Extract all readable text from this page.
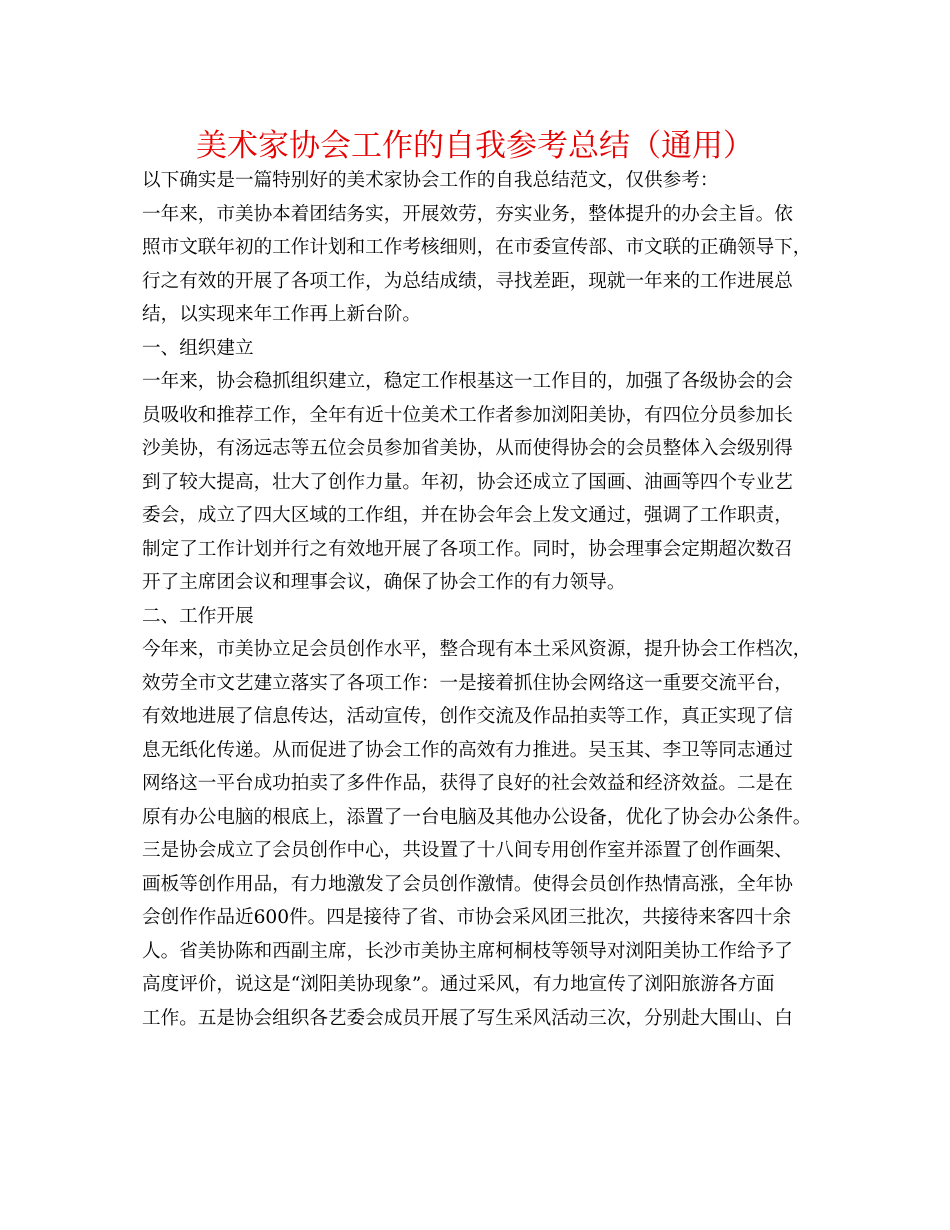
美术家协会工作的自我参考总结（通用）
以下确实是一篇特别好的美术家协会工作的自我总结范文，仅供参考：
一年来，市美协本着团结务实，开展效劳，夯实业务，整体提升的办会主旨。依
照市文联年初的工作计划和工作考核细则，在市委宣传部、市文联的正确领导下，
行之有效的开展了各项工作，为总结成绩，寻找差距，现就一年来的工作进展总
结，以实现来年工作再上新台阶。
一、组织建立
一年来，协会稳抓组织建立，稳定工作根基这一工作目的，加强了各级协会的会
员吸收和推荐工作，全年有近十位美术工作者参加浏阳美协，有四位分员参加长
沙美协，有汤远志等五位会员参加省美协，从而使得协会的会员整体入会级别得
到了较大提高，壮大了创作力量。年初，协会还成立了国画、油画等四个专业艺
委会，成立了四大区域的工作组，并在协会年会上发文通过，强调了工作职责，
制定了工作计划并行之有效地开展了各项工作。同时，协会理事会定期超次数召
开了主席团会议和理事会议，确保了协会工作的有力领导。
二、工作开展
今年来，市美协立足会员创作水平，整合现有本土采风资源，提升协会工作档次，
效劳全市文艺建立落实了各项工作：一是接着抓住协会网络这一重要交流平台，
有效地进展了信息传达，活动宣传，创作交流及作品拍卖等工作，真正实现了信
息无纸化传递。从而促进了协会工作的高效有力推进。吴玉其、李卫等同志通过
网络这一平台成功拍卖了多件作品，获得了良好的社会效益和经济效益。二是在
原有办公电脑的根底上，添置了一台电脑及其他办公设备，优化了协会办公条件。
三是协会成立了会员创作中心，共设置了十八间专用创作室并添置了创作画架、
画板等创作用品，有力地激发了会员创作激情。使得会员创作热情高涨，全年协
会创作作品近600件。四是接待了省、市协会采风团三批次，共接待来客四十余
人。省美协陈和西副主席，长沙市美协主席柯桐枝等领导对浏阳美协工作给予了
高度评价，说这是“浏阳美协现象”。通过采风，有力地宣传了浏阳旅游各方面
工作。五是协会组织各艺委会成员开展了写生采风活动三次，分别赴大围山、白
